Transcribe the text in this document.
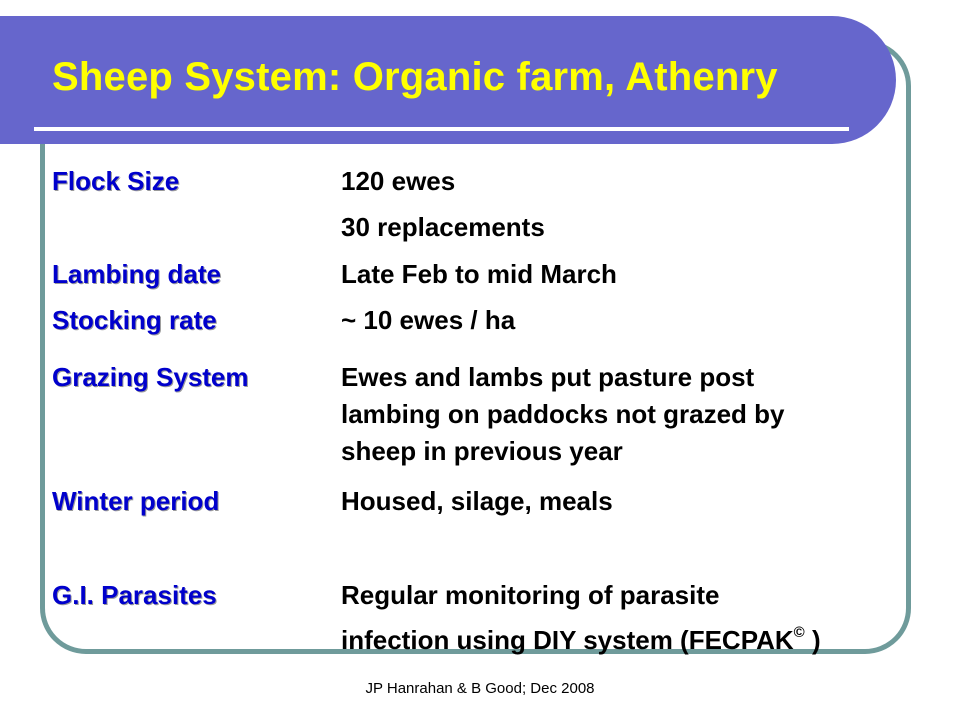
Sheep System: Organic farm, Athenry
Flock Size	120 ewes
30 replacements
Lambing date	Late Feb to mid March
Stocking rate	~ 10 ewes / ha
Grazing System	Ewes and lambs put pasture post
lambing on paddocks not grazed by
sheep in previous year
Winter period	Housed, silage, meals
G.I. Parasites	Regular monitoring of parasite
infection using DIY system (FECPAK© )
JP Hanrahan & B Good; Dec 2008
